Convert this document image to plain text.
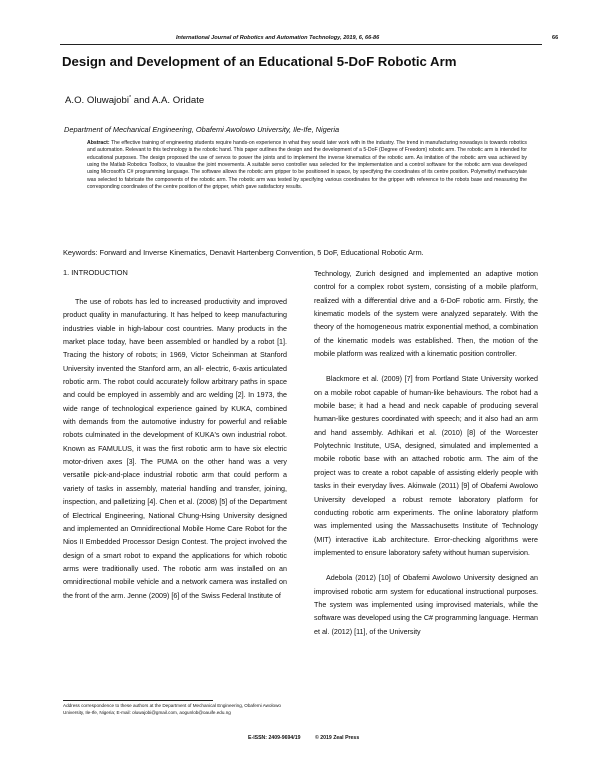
International Journal of Robotics and Automation Technology, 2019, 6, 66-86	66
Design and Development of an Educational 5-DoF Robotic Arm
A.O. Oluwajobi* and A.A. Oridate
Department of Mechanical Engineering, Obafemi Awolowo University, Ile-Ife, Nigeria
Abstract: The effective training of engineering students require hands-on experience in what they would later work with in the industry. The trend in manufacturing nowadays is towards robotics and automation. Relevant to this technology is the robotic hand. This paper outlines the design and the development of a 5-DoF (Degree of Freedom) robotic arm. The robotic arm is intended for educational purposes. The design proposed the use of servos to power the joints and to implement the inverse kinematics of the robotic arm. As imitation of the robotic arm was achieved by using the Matlab Robotics Toolbox, to visualise the joint movements. A suitable servo controller was selected for the implementation and a control software for the robotic arm was developed using Microsoft's C# programming language. The software allows the robotic arm gripper to be positioned in space, by specifying the coordinates of its centre position. Polymethyl methacrylate was selected to fabricate the components of the robotic arm. The robotic arm was tested by specifying various coordinates for the gripper with reference to the robots base and measuring the corresponding coordinates of the centre position of the gripper, which gave satisfactory results.
Keywords: Forward and Inverse Kinematics, Denavit Hartenberg Convention, 5 DoF, Educational Robotic Arm.
1. INTRODUCTION

The use of robots has led to increased productivity and improved product quality in manufacturing. It has helped to keep manufacturing industries viable in high-labour cost countries. Many products in the market place today, have been assembled or handled by a robot [1]. Tracing the history of robots; in 1969, Victor Scheinman at Stanford University invented the Stanford arm, an all- electric, 6-axis articulated robotic arm. The robot could accurately follow arbitrary paths in space and could be employed in assembly and arc welding [2]. In 1973, the wide range of technological experience gained by KUKA, combined with demands from the automotive industry for powerful and reliable robots culminated in the development of KUKA's own industrial robot. Known as FAMULUS, it was the first robotic arm to have six electric motor-driven axes [3]. The PUMA on the other hand was a very versatile pick-and-place industrial robotic arm that could perform a variety of tasks in assembly, material handling and transfer, joining, inspection, and palletizing [4]. Chen et al. (2008) [5] of the Department of Electrical Engineering, National Chung-Hsing University designed and implemented an Omnidirectional Mobile Home Care Robot for the Nios II Embedded Processor Design Contest. The project involved the design of a smart robot to expand the applications for which robotic arms were traditionally used. The robotic arm was installed on an omnidirectional mobile vehicle and a network camera was installed on the front of the arm. Jenne (2009) [6] of the Swiss Federal Institute of

Technology, Zurich designed and implemented an adaptive motion control for a complex robot system, consisting of a mobile platform, realized with a differential drive and a 6-DoF robotic arm. Firstly, the kinematic models of the system were analyzed separately. With the theory of the homogeneous matrix exponential method, a combination of the kinematic models was established. Then, the motion of the mobile platform was realized with a kinematic position controller.

Blackmore et al. (2009) [7] from Portland State University worked on a mobile robot capable of human-like behaviours. The robot had a mobile base; it had a head and neck capable of producing several human-like gestures coordinated with speech; and it also had an arm and hand assembly. Adhikari et al. (2010) [8] of the Worcester Polytechnic Institute, USA, designed, simulated and implemented a mobile robotic base with an attached robotic arm. The aim of the project was to create a robot capable of assisting elderly people with tasks in their everyday lives. Akinwale (2011) [9] of Obafemi Awolowo University developed a robust remote laboratory platform for conducting robotic arm experiments. The online laboratory platform was implemented using the Massachusetts Institute of Technology (MIT) interactive iLab architecture. Error-checking algorithms were implemented to ensure laboratory safety without human supervision.

Adebola (2012) [10] of Obafemi Awolowo University designed an improvised robotic arm system for educational instructional purposes. The system was implemented using improvised materials, while the software was developed using the C# programming language. Herman et al. (2012) [11], of the University

Address correspondence to these authors at the Department of Mechanical Engineering, Obafemi Awolowo University, Ile-Ife, Nigeria; E-mail: oluwajobi@gmail.com, aogunlob@oauife.edu.ng
E-ISSN: 2409-9694/19	© 2019 Zeal Press
